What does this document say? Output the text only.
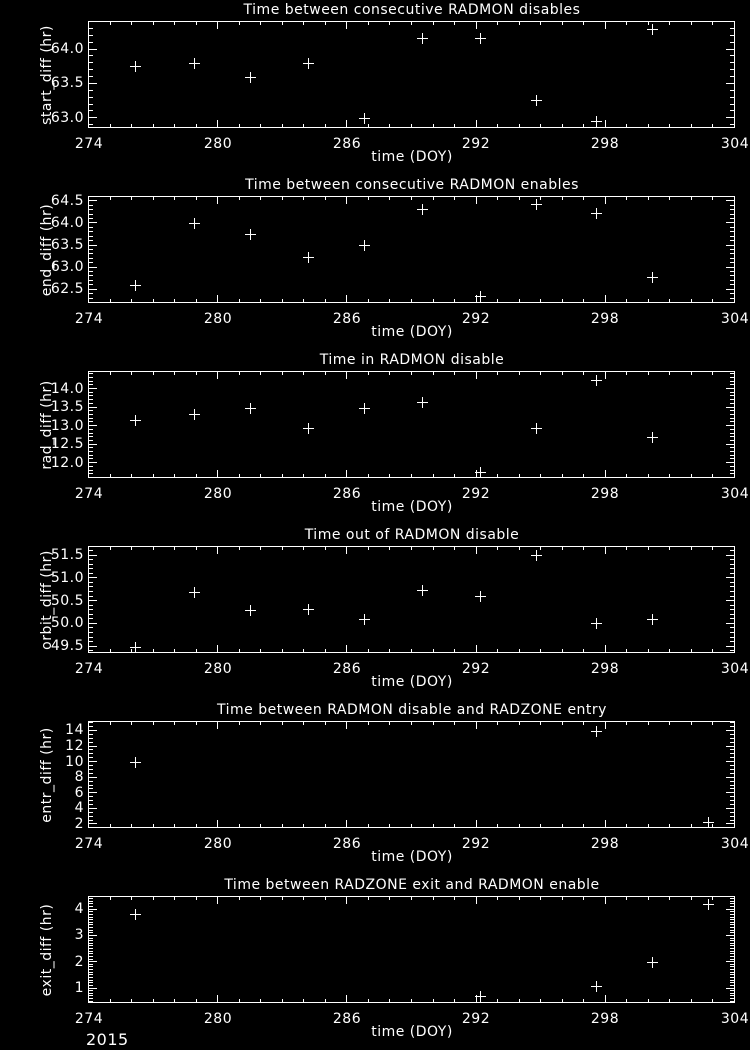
Time between consecutive RADMON disables
274	280	286	292	298	304
63.0
63.5
64.0
time (DOY)
start_diff (hr)
Time between consecutive RADMON enables
274	280	286	292	298	304
62.5
63.0
63.5
64.0
64.5
time (DOY)
end_diff (hr)
Time in RADMON disable
274	280	286	292	298	304
12.0
12.5
13.0
13.5
14.0
time (DOY)
rad_diff (hr)
Time out of RADMON disable
274	280	286	292	298	304
49.5
50.0
50.5
51.0
51.5
time (DOY)
orbit_diff (hr)
Time between RADMON disable and RADZONE entry
274	280	286	292	298	304
2
4
6
8
10
12
14
time (DOY)
entr_diff (hr)
Time between RADZONE exit and RADMON enable
274	280	286	292	298	304
1
2
3
4
time (DOY)
exit_diff (hr)
2015
